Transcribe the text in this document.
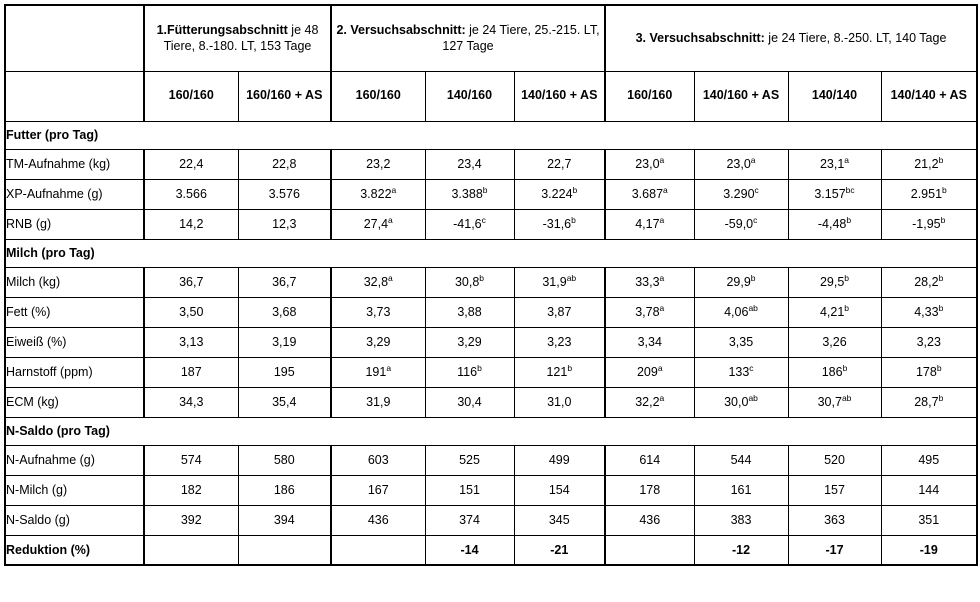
	1.Fütterungsabschnitt je 48 Tiere, 8.-180. LT, 153 Tage		2. Versuchsabschnitt: je 24 Tiere, 25.-215. LT, 127 Tage			3. Versuchsabschnitt: je 24 Tiere, 8.-250. LT, 140 Tage			
	160/160	160/160 + AS	160/160	140/160	140/160 + AS	160/160	140/160 + AS	140/140	140/140 + AS
Futter (pro Tag)									
TM-Aufnahme (kg)	22,4	22,8	23,2	23,4	22,7	23,0$^a$	23,0$^a$	23,1$^a$	21,2$^b$
XP-Aufnahme (g)	3.566	3.576	3.822$^a$	3.388$^b$	3.224$^b$	3.687$^a$	3.290$^c$	3.157$^{bc}$	2.951$^b$
RNB (g)	14,2	12,3	27,4$^a$	-41,6$^c$	-31,6$^b$	4,17$^a$	-59,0$^c$	-4,48$^b$	-1,95$^b$
Milch (pro Tag)									
Milch (kg)	36,7	36,7	32,8$^a$	30,8$^b$	31,9$^{ab}$	33,3$^a$	29,9$^b$	29,5$^b$	28,2$^b$
Fett (%)	3,50	3,68	3,73	3,88	3,87	3,78$^a$	4,06$^{ab}$	4,21$^b$	4,33$^b$
Eiweiß (%)	3,13	3,19	3,29	3,29	3,23	3,34	3,35	3,26	3,23
Harnstoff (ppm)	187	195	191$^a$	116$^b$	121$^b$	209$^a$	133$^c$	186$^b$	178$^b$
ECM (kg)	34,3	35,4	31,9	30,4	31,0	32,2$^a$	30,0$^{ab}$	30,7$^{ab}$	28,7$^b$
N-Saldo (pro Tag)									
N-Aufnahme (g)	574	580	603	525	499	614	544	520	495
N-Milch (g)	182	186	167	151	154	178	161	157	144
N-Saldo (g)	392	394	436	374	345	436	383	363	351
Reduktion (%)				-14	-21		-12	-17	-19
